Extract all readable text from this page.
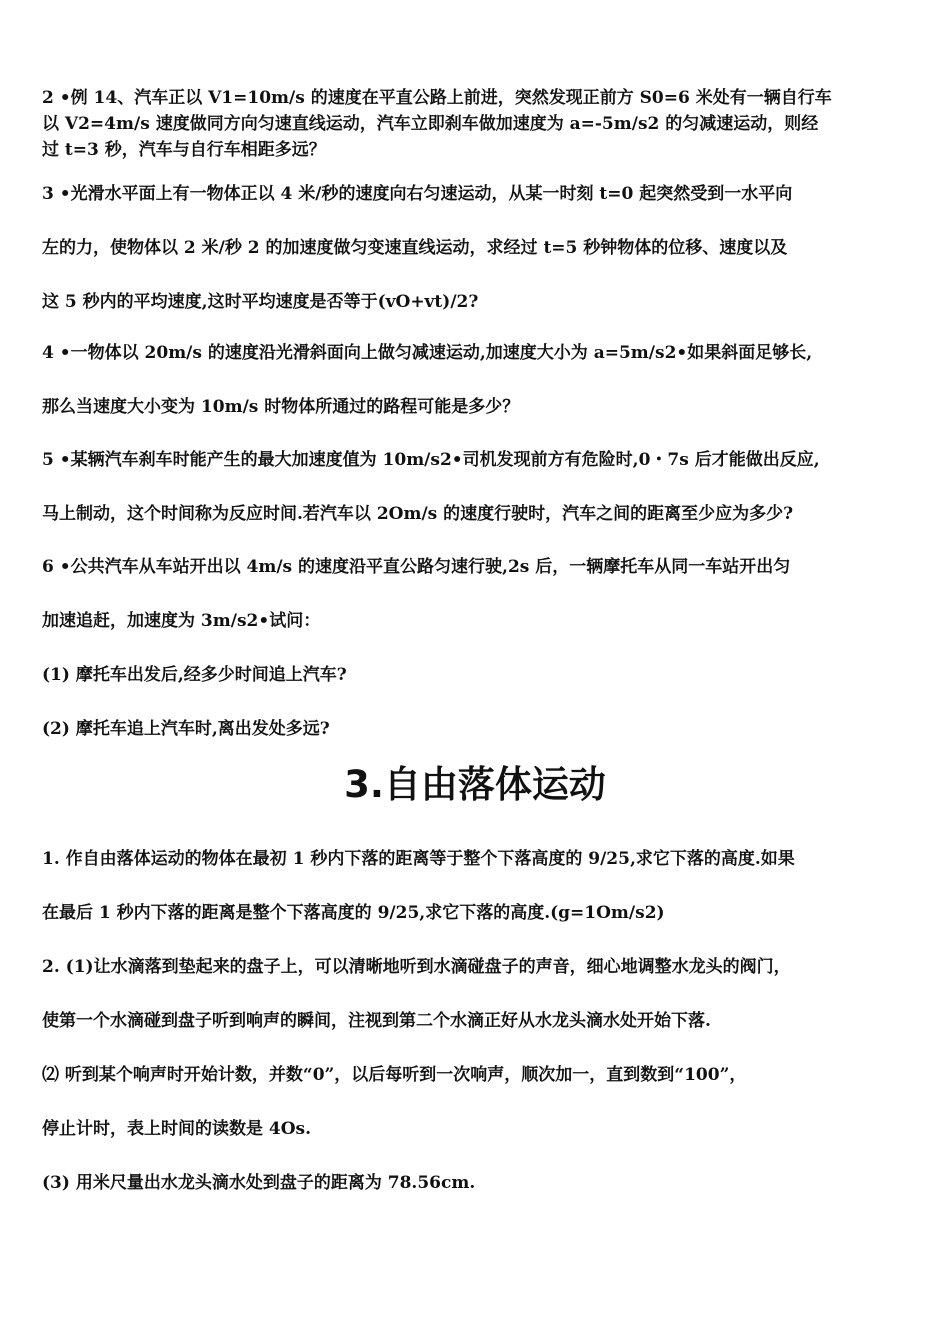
2 •例 14、汽车正以 V1=10m/s 的速度在平直公路上前进，突然发现正前方 S0=6 米处有一辆自行车
以 V2=4m/s 速度做同方向匀速直线运动，汽车立即刹车做加速度为 a=-5m/s2 的匀减速运动，则经
过 t=3 秒，汽车与自行车相距多远？
3 •光滑水平面上有一物体正以 4 米/秒的速度向右匀速运动，从某一时刻 t=0 起突然受到一水平向
左的力，使物体以 2 米/秒 2 的加速度做匀变速直线运动，求经过 t=5 秒钟物体的位移、速度以及
这 5 秒内的平均速度,这时平均速度是否等于(vO+vt)/2?
4 •一物体以 20m/s 的速度沿光滑斜面向上做匀减速运动,加速度大小为 a=5m/s2•如果斜面足够长,
那么当速度大小变为 10m/s 时物体所通过的路程可能是多少？
5 •某辆汽车刹车时能产生的最大加速度值为 10m/s2•司机发现前方有危险时,0・7s 后才能做出反应,
马上制动，这个时间称为反应时间.若汽车以 2Om/s 的速度行驶时，汽车之间的距离至少应为多少?
6 •公共汽车从车站开出以 4m/s 的速度沿平直公路匀速行驶,2s 后，一辆摩托车从同一车站开出匀
加速追赶，加速度为 3m/s2•试问：
(1) 摩托车出发后,经多少时间追上汽车?
(2) 摩托车追上汽车时,离出发处多远?
3.自由落体运动
1. 作自由落体运动的物体在最初 1 秒内下落的距离等于整个下落高度的 9/25,求它下落的高度.如果
在最后 1 秒内下落的距离是整个下落高度的 9/25,求它下落的高度.(g=1Om/s2)
2. (1)让水滴落到垫起来的盘子上，可以清晰地听到水滴碰盘子的声音，细心地调整水龙头的阀门，
使第一个水滴碰到盘子听到响声的瞬间，注视到第二个水滴正好从水龙头滴水处开始下落.
⑵ 听到某个响声时开始计数，并数“0”，以后每听到一次响声，顺次加一，直到数到“100”，
停止计时，表上时间的读数是 4Os.
(3) 用米尺量出水龙头滴水处到盘子的距离为 78.56cm.
